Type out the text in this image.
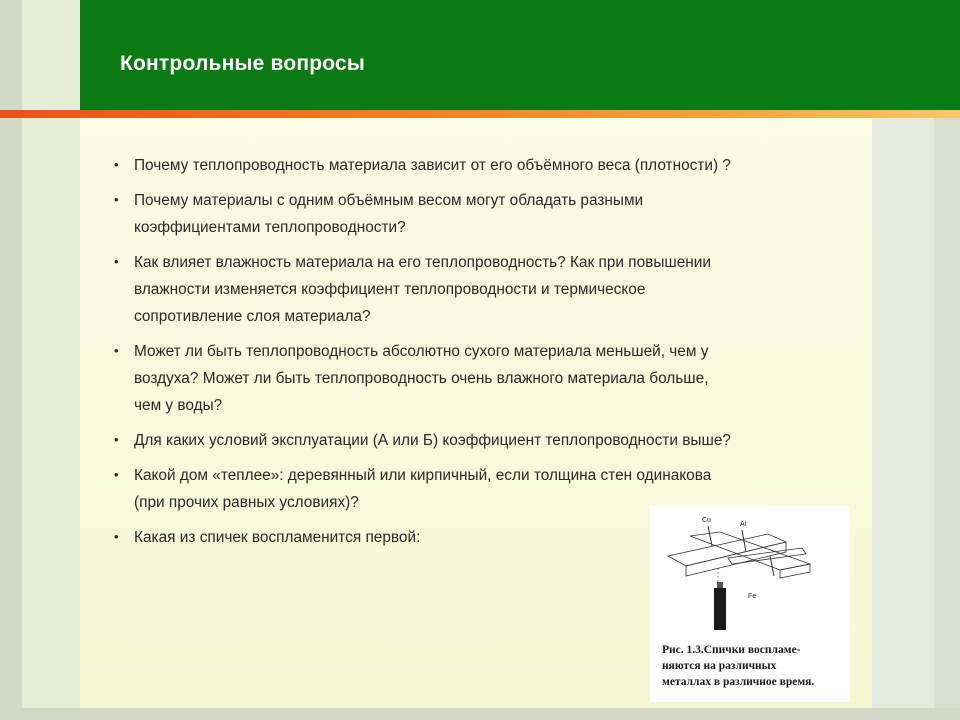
Контрольные вопросы
• Почему теплопроводность материала зависит от его объёмного веса (плотности) ?
• Почему материалы с одним объёмным весом могут обладать разными
коэффициентами теплопроводности?
• Как влияет влажность материала на его теплопроводность? Как при повышении
влажности изменяется коэффициент теплопроводности и термическое
сопротивление слоя материала?
• Может ли быть теплопроводность абсолютно сухого материала меньшей, чем у
воздуха? Может ли быть теплопроводность очень влажного материала больше,
чем у воды?
• Для каких условий эксплуатации (А или Б) коэффициент теплопроводности выше?
• Какой дом «теплее»: деревянный или кирпичный, если толщина стен одинакова
(при прочих равных условиях)?
• Какая из спичек воспламенится первой:
Cu
Al
Fe
Рис. 1.3.Спички воспламе-
няются на различных
металлах в различное время.
